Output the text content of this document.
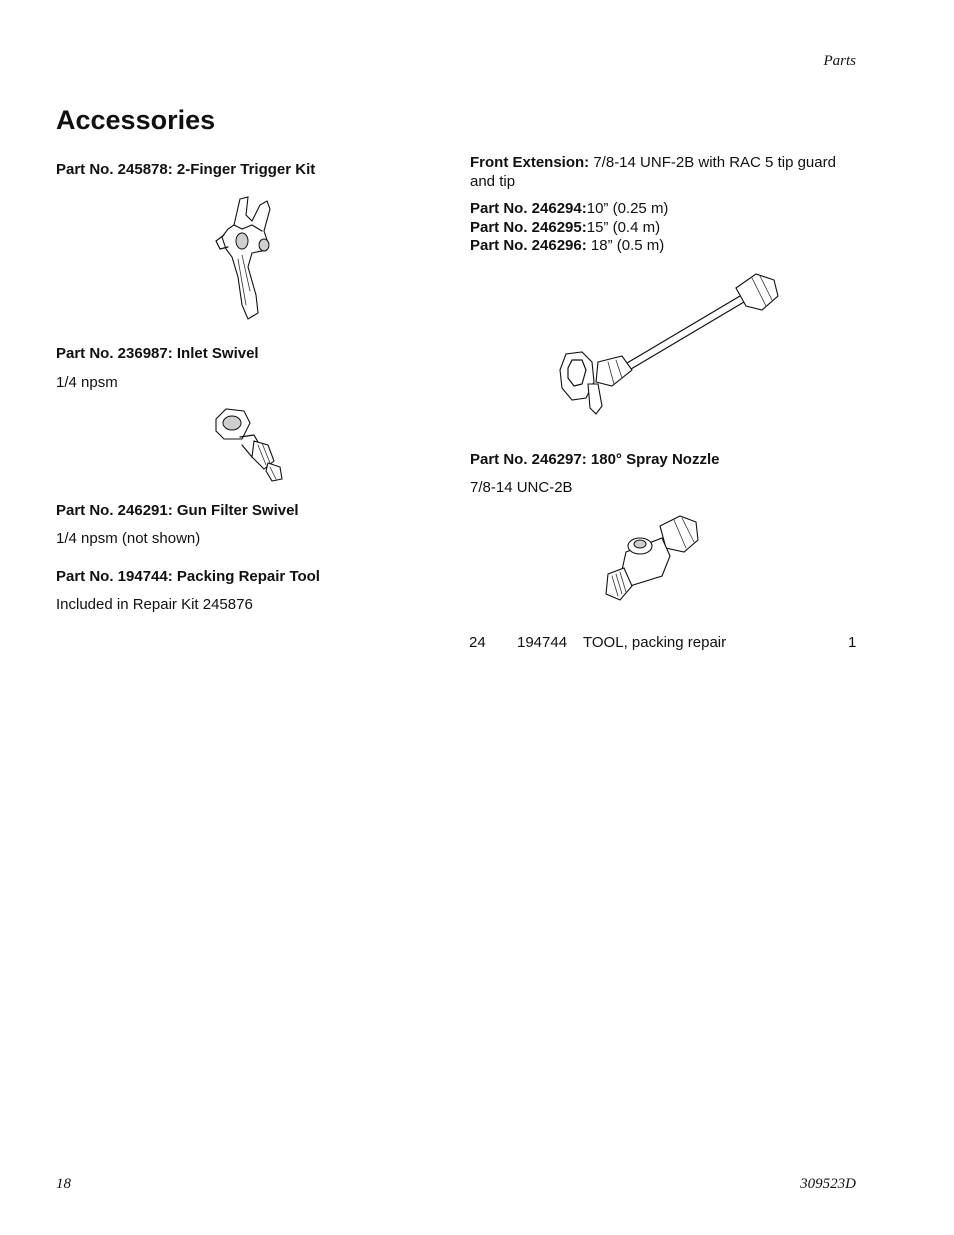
Parts
Accessories
Part No. 245878: 2-Finger Trigger Kit
Part No. 236987: Inlet Swivel
1/4 npsm
Part No. 246291: Gun Filter Swivel
1/4 npsm (not shown)
Part No. 194744: Packing Repair Tool
Included in Repair Kit 245876
Front Extension: 7/8-14 UNF-2B with RAC 5 tip guard
and tip
Part No. 246294:10” (0.25 m)
Part No. 246295:15” (0.4 m)
Part No. 246296: 18” (0.5 m)
Part No. 246297: 180° Spray Nozzle
7/8-14 UNC-2B
24 194744 TOOL, packing repair	1
18	309523D
